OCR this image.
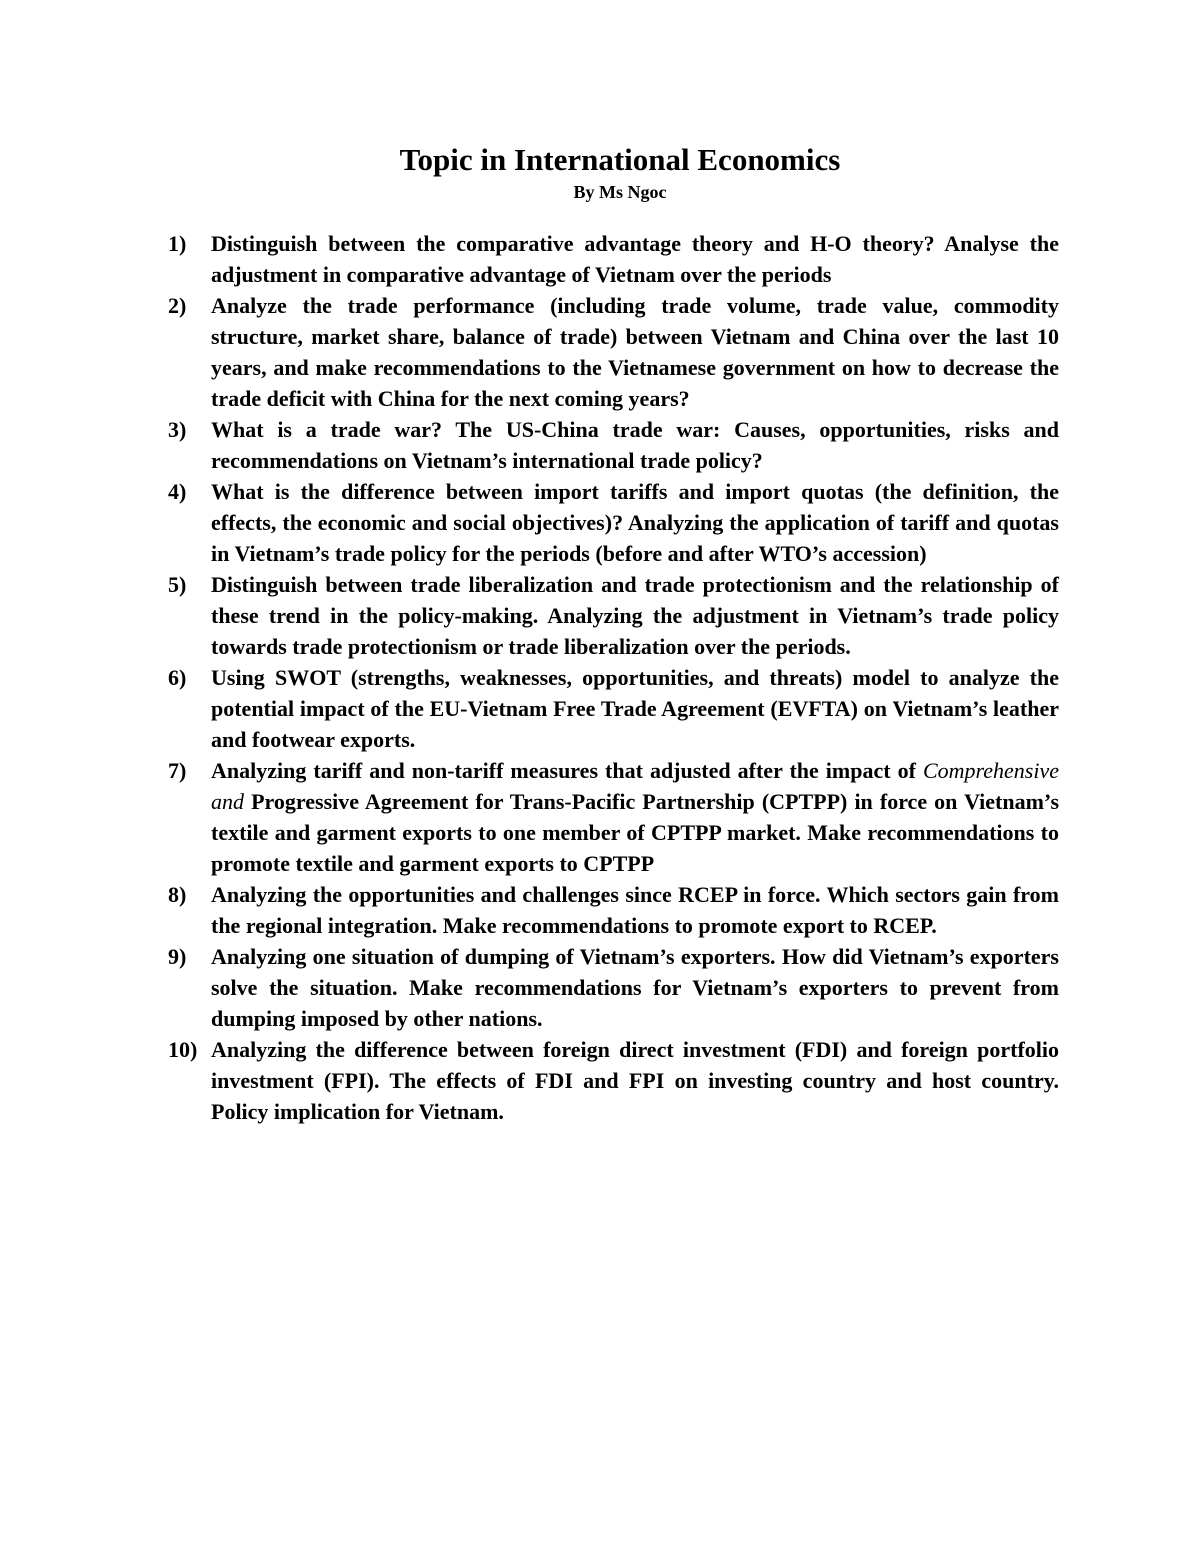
Topic in International Economics
By Ms Ngoc
1) Distinguish between the comparative advantage theory and H-O theory? Analyse the adjustment in comparative advantage of Vietnam over the periods
2) Analyze the trade performance (including trade volume, trade value, commodity structure, market share, balance of trade) between Vietnam and China over the last 10 years, and make recommendations to the Vietnamese government on how to decrease the trade deficit with China for the next coming years?
3) What is a trade war? The US-China trade war: Causes, opportunities, risks and recommendations on Vietnam’s international trade policy?
4) What is the difference between import tariffs and import quotas (the definition, the effects, the economic and social objectives)? Analyzing the application of tariff and quotas in Vietnam’s trade policy for the periods (before and after WTO’s accession)
5) Distinguish between trade liberalization and trade protectionism and the relationship of these trend in the policy-making. Analyzing the adjustment in Vietnam’s trade policy towards trade protectionism or trade liberalization over the periods.
6) Using SWOT (strengths, weaknesses, opportunities, and threats) model to analyze the potential impact of the EU-Vietnam Free Trade Agreement (EVFTA) on Vietnam’s leather and footwear exports.
7) Analyzing tariff and non-tariff measures that adjusted after the impact of Comprehensive and Progressive Agreement for Trans-Pacific Partnership (CPTPP) in force on Vietnam’s textile and garment exports to one member of CPTPP market. Make recommendations to promote textile and garment exports to CPTPP
8) Analyzing the opportunities and challenges since RCEP in force. Which sectors gain from the regional integration. Make recommendations to promote export to RCEP.
9) Analyzing one situation of dumping of Vietnam’s exporters. How did Vietnam’s exporters solve the situation. Make recommendations for Vietnam’s exporters to prevent from dumping imposed by other nations.
10) Analyzing the difference between foreign direct investment (FDI) and foreign portfolio investment (FPI). The effects of FDI and FPI on investing country and host country. Policy implication for Vietnam.
